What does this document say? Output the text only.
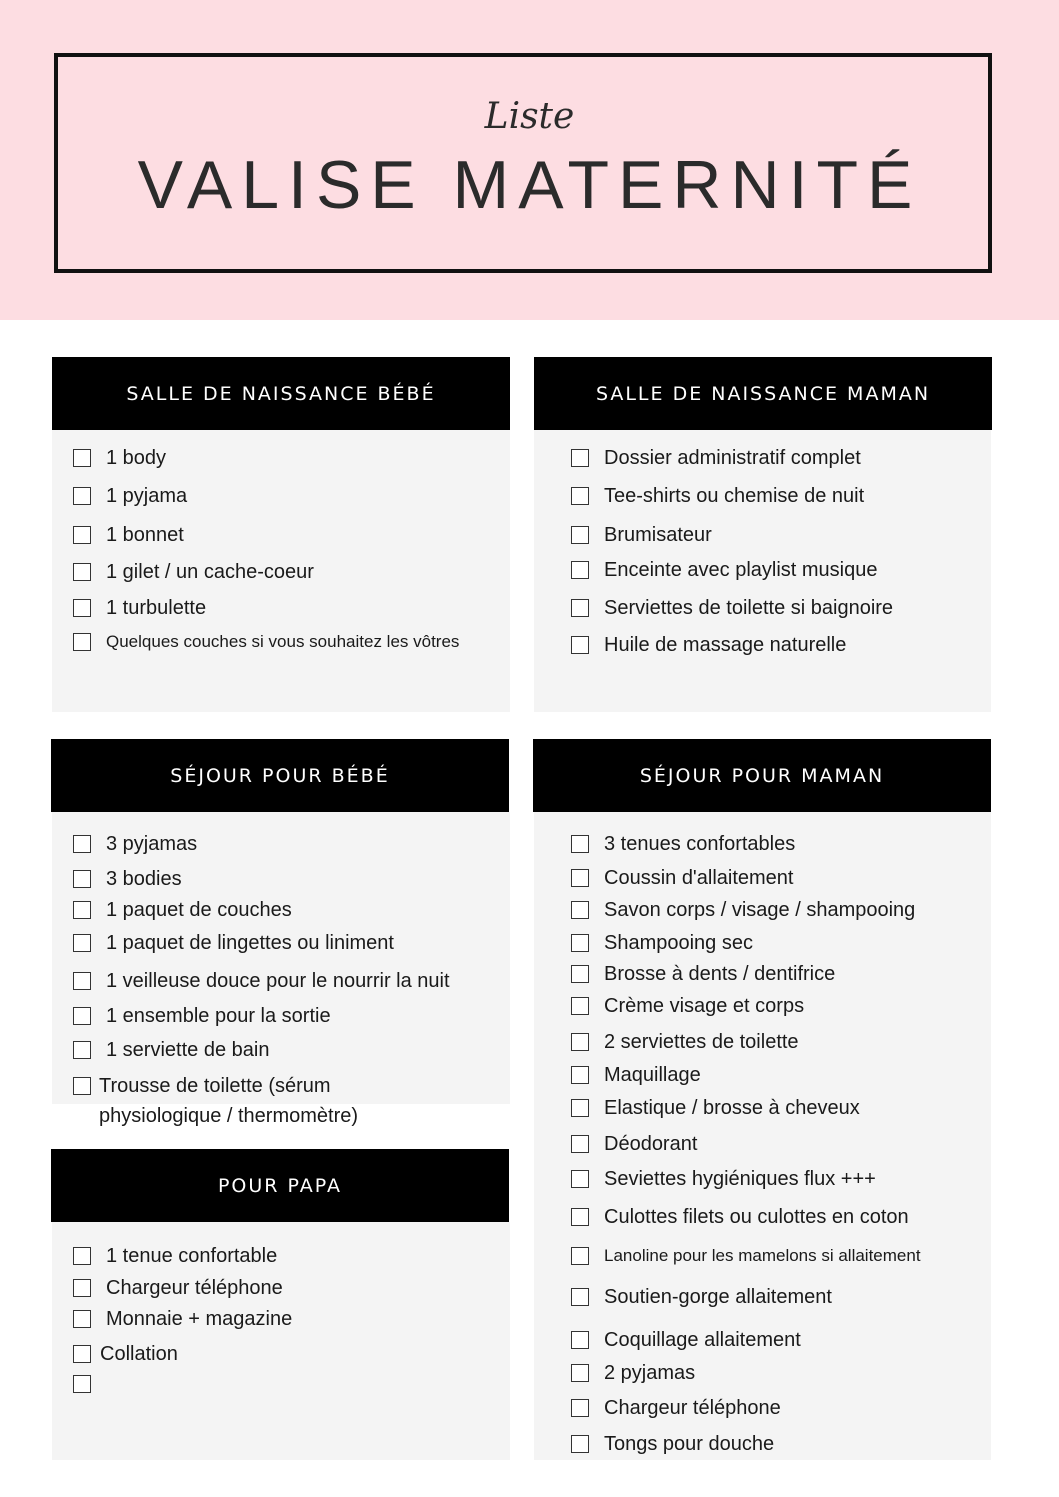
Liste
VALISE MATERNITÉ
SALLE DE NAISSANCE BÉBÉ	SALLE DE NAISSANCE MAMAN
SÉJOUR POUR BÉBÉ	SÉJOUR POUR MAMAN
POUR PAPA
1 body
1 pyjama
1 bonnet
1 gilet / un cache-coeur
1 turbulette
Quelques couches si vous souhaitez les vôtres
Dossier administratif complet
Tee-shirts ou chemise de nuit
Brumisateur
Enceinte avec playlist musique
Serviettes de toilette si baignoire
Huile de massage naturelle
3 pyjamas
3 bodies
1 paquet de couches
1 paquet de lingettes ou liniment
1 veilleuse douce pour le nourrir la nuit
1 ensemble pour la sortie
1 serviette de bain
Trousse de toilette (sérum
physiologique / thermomètre)
1 tenue confortable
Chargeur téléphone
Monnaie + magazine
Collation
3 tenues confortables
Coussin d'allaitement
Savon corps / visage / shampooing
Shampooing sec
Brosse à dents / dentifrice
Crème visage et corps
2 serviettes de toilette
Maquillage
Elastique / brosse à cheveux
Déodorant
Seviettes hygiéniques flux +++
Culottes filets ou culottes en coton
Lanoline pour les mamelons si allaitement
Soutien-gorge allaitement
Coquillage allaitement
2 pyjamas
Chargeur téléphone
Tongs pour douche
